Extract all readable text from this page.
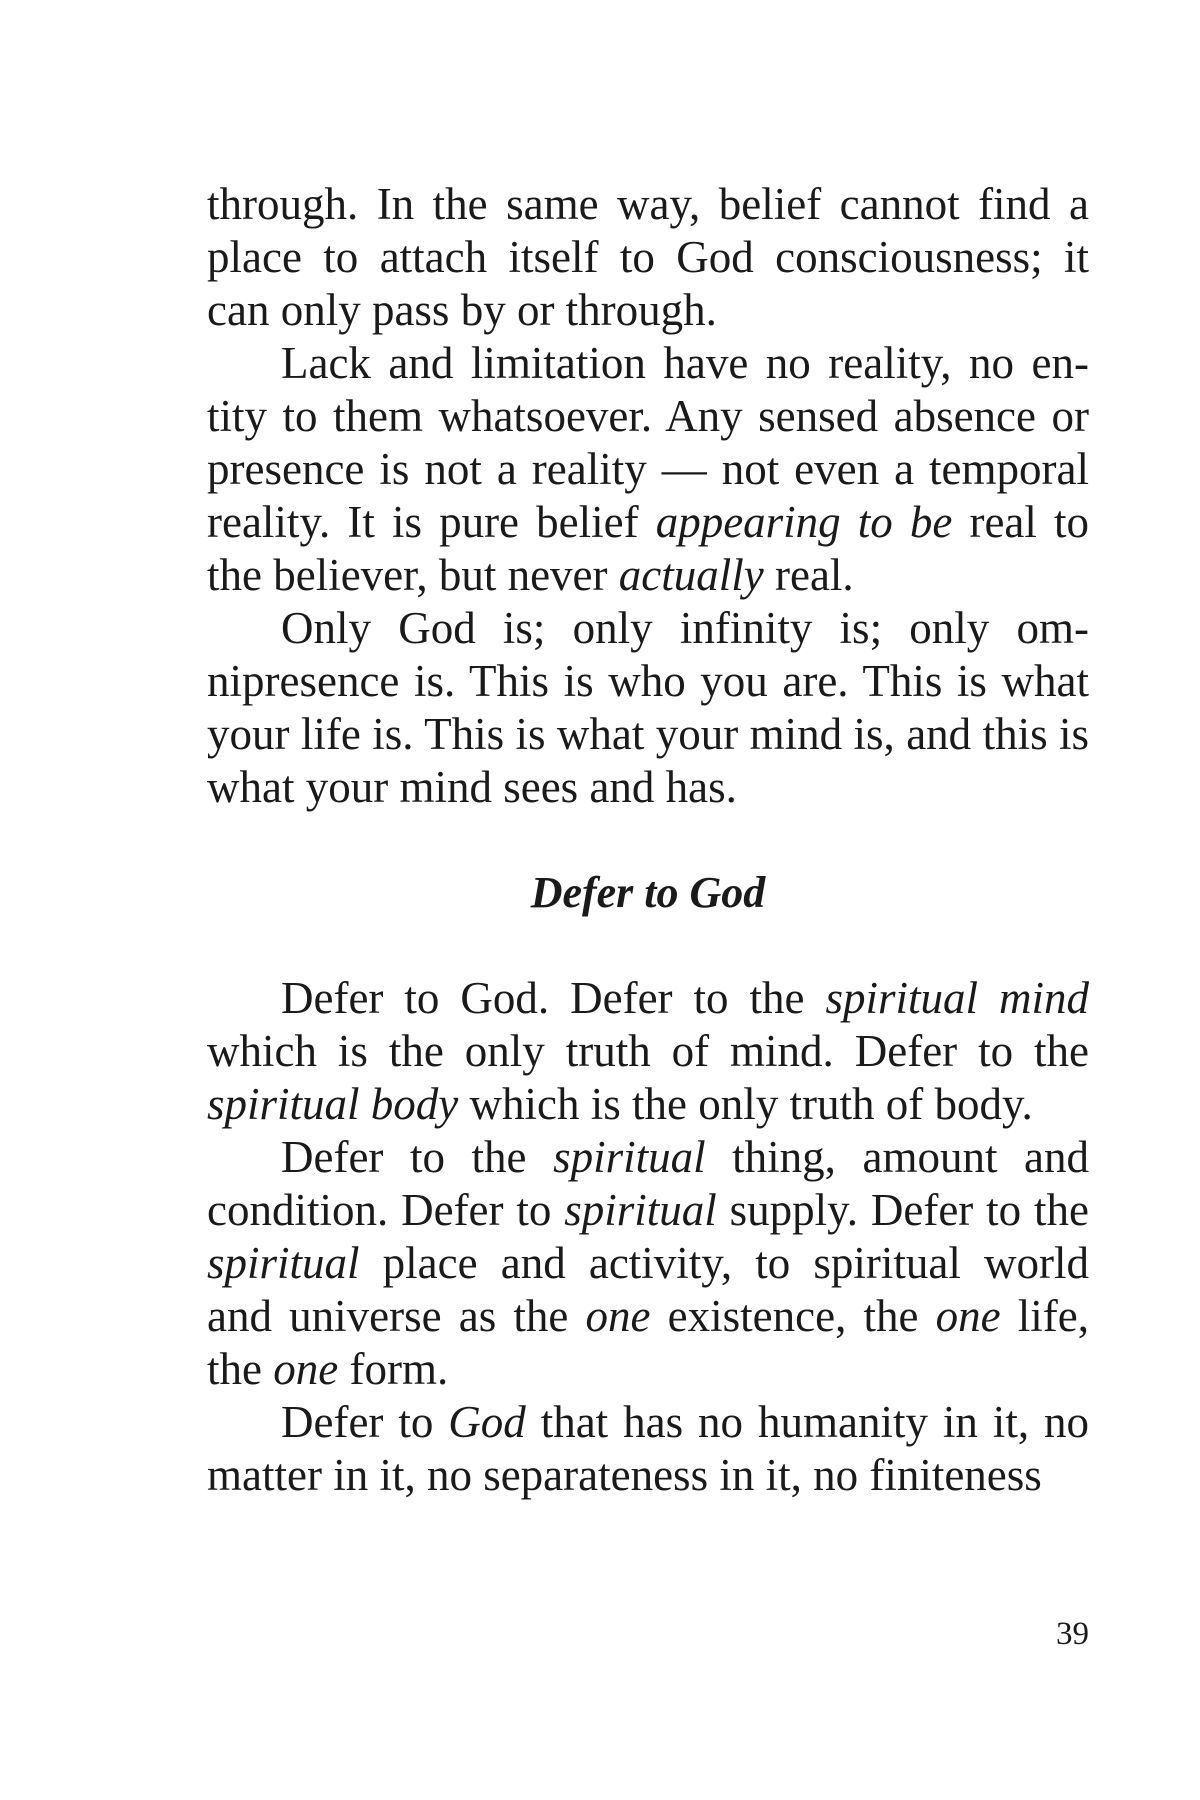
through. In the same way, belief cannot find a place to attach itself to God consciousness; it can only pass by or through.

Lack and limitation have no reality, no entity to them whatsoever. Any sensed absence or presence is not a reality — not even a temporal reality. It is pure belief appearing to be real to the believer, but never actually real.

Only God is; only infinity is; only omnipresence is. This is who you are. This is what your life is. This is what your mind is, and this is what your mind sees and has.

Defer to God

Defer to God. Defer to the spiritual mind which is the only truth of mind. Defer to the spiritual body which is the only truth of body.

Defer to the spiritual thing, amount and condition. Defer to spiritual supply. Defer to the spiritual place and activity, to spiritual world and universe as the one existence, the one life, the one form.

Defer to God that has no humanity in it, no matter in it, no separateness in it, no finiteness

39
